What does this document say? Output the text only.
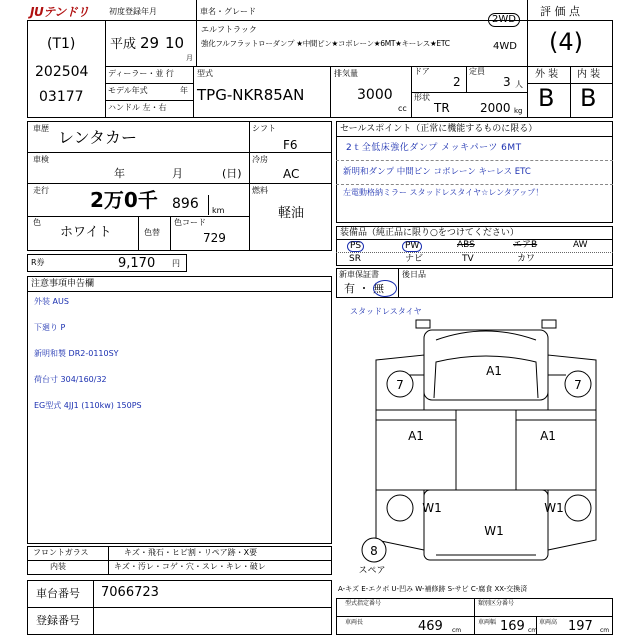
JUテンドリ
(T1)
202504
03177
初度登録年月
平成 29 10
月
車名・グレード
エルフトラック
強化フルフラットローダンプ ★中間ピン★コボレーン★6MT★キーレス★ETC
2WD
4WD
評 価 点
(4)
外 装 内 装
B B
ディーラー・並 行
モデル年式	年
ハンドル 左・右
型式
TPG-NKR85AN
排気量
3000
cc
ドア
2
定員
3 人
形状
TR	2000 kg
車歴 レンタカー
車検
年	月	(日)
走行 2万0千 896 km
色
ホワイト	色替
色コード
729
シフト
F6
冷房
AC
燃料
軽油
R券	9,170 円
セールスポイント（正常に機能するものに限る）
2ｔ全低床強化ダンプ メッキパーツ 6MT
新明和ダンプ 中間ピン コボレーン キーレス ETC
左電動格納ミラー スタッドレスタイヤ☆レンタアップ！
装備品（純正品に限り○をつけてください）
PS	PW	ABS	エアB	AW
SR	ナビ	TV	カワ
新車保証書
有 ・ 無
後日品
注意事項申告欄
外装 AUS
下廻り P
新明和製 DR2-0110SY
荷台寸 304/160/32
EG型式 4JJ1 (110kw) 150PS
スタッドレスタイヤ
A1
7	7
A1	A1
W1	W1
W1
8
スペア
フロントガラス	キズ・飛石・ヒビ割・リペア跡・X要
内装	キズ・汚レ・コゲ・穴・スレ・キレ・破レ
車台番号 7066723
登録番号
A-キズ E-エクボ U-凹み W-補修跡 S-サビ C-腐食 XX-交換済
型式指定番号	類別区分番号
車両長	469 cm
車両幅 169 cm
車両高 197 cm
